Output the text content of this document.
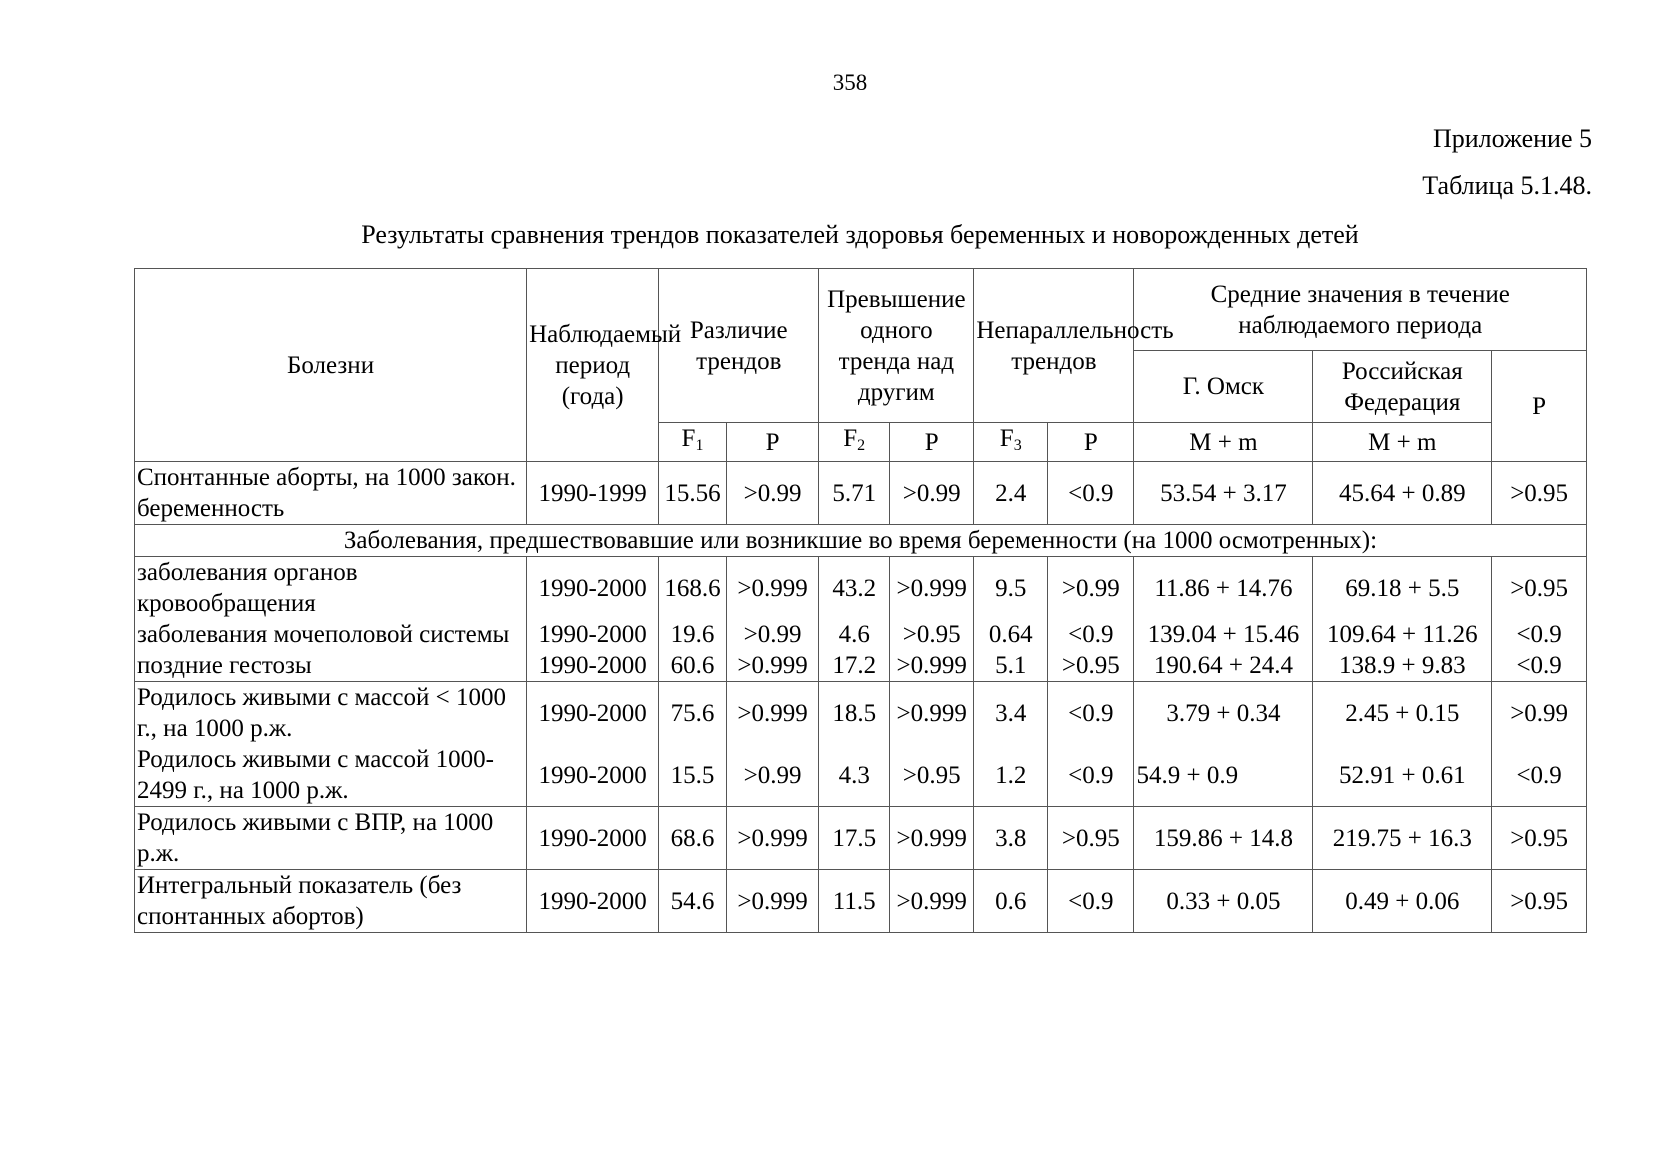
358
Приложение 5
Таблица 5.1.48.
Результаты сравнения трендов показателей здоровья беременных и новорожденных детей
Болезни	Наблюдаемый период (года)	Различие трендов		Превышение одного тренда над другим		Непараллельность трендов		Средние значения в течение наблюдаемого периода		
								Г. Омск	Российская Федерация	Р
		$F_1$	Р	$F_2$	Р	$F_3$	Р	М + m	М + m	
Спонтанные аборты, на 1000 закон. беременность	1990-1999	15.56	>0.99	5.71	>0.99	2.4	<0.9	53.54 + 3.17	45.64 + 0.89	>0.95
Заболевания, предшествовавшие или возникшие во время беременности (на 1000 осмотренных):										
заболевания органов кровообращения	1990-2000	168.6	>0.999	43.2	>0.999	9.5	>0.99	11.86 + 14.76	69.18 + 5.5	>0.95
заболевания мочеполовой системы	1990-2000	19.6	>0.99	4.6	>0.95	0.64	<0.9	139.04 + 15.46	109.64 + 11.26	<0.9
поздние гестозы	1990-2000	60.6	>0.999	17.2	>0.999	5.1	>0.95	190.64 + 24.4	138.9 + 9.83	<0.9
Родилось живыми с массой < 1000 г., на 1000 р.ж.	1990-2000	75.6	>0.999	18.5	>0.999	3.4	<0.9	3.79 + 0.34	2.45 + 0.15	>0.99
Родилось живыми с массой 1000-2499 г., на 1000 р.ж.	1990-2000	15.5	>0.99	4.3	>0.95	1.2	<0.9	54.9 + 0.9	52.91 + 0.61	<0.9
Родилось живыми с ВПР, на 1000 р.ж.	1990-2000	68.6	>0.999	17.5	>0.999	3.8	>0.95	159.86 + 14.8	219.75 + 16.3	>0.95
Интегральный показатель (без спонтанных абортов)	1990-2000	54.6	>0.999	11.5	>0.999	0.6	<0.9	0.33 + 0.05	0.49 + 0.06	>0.95
